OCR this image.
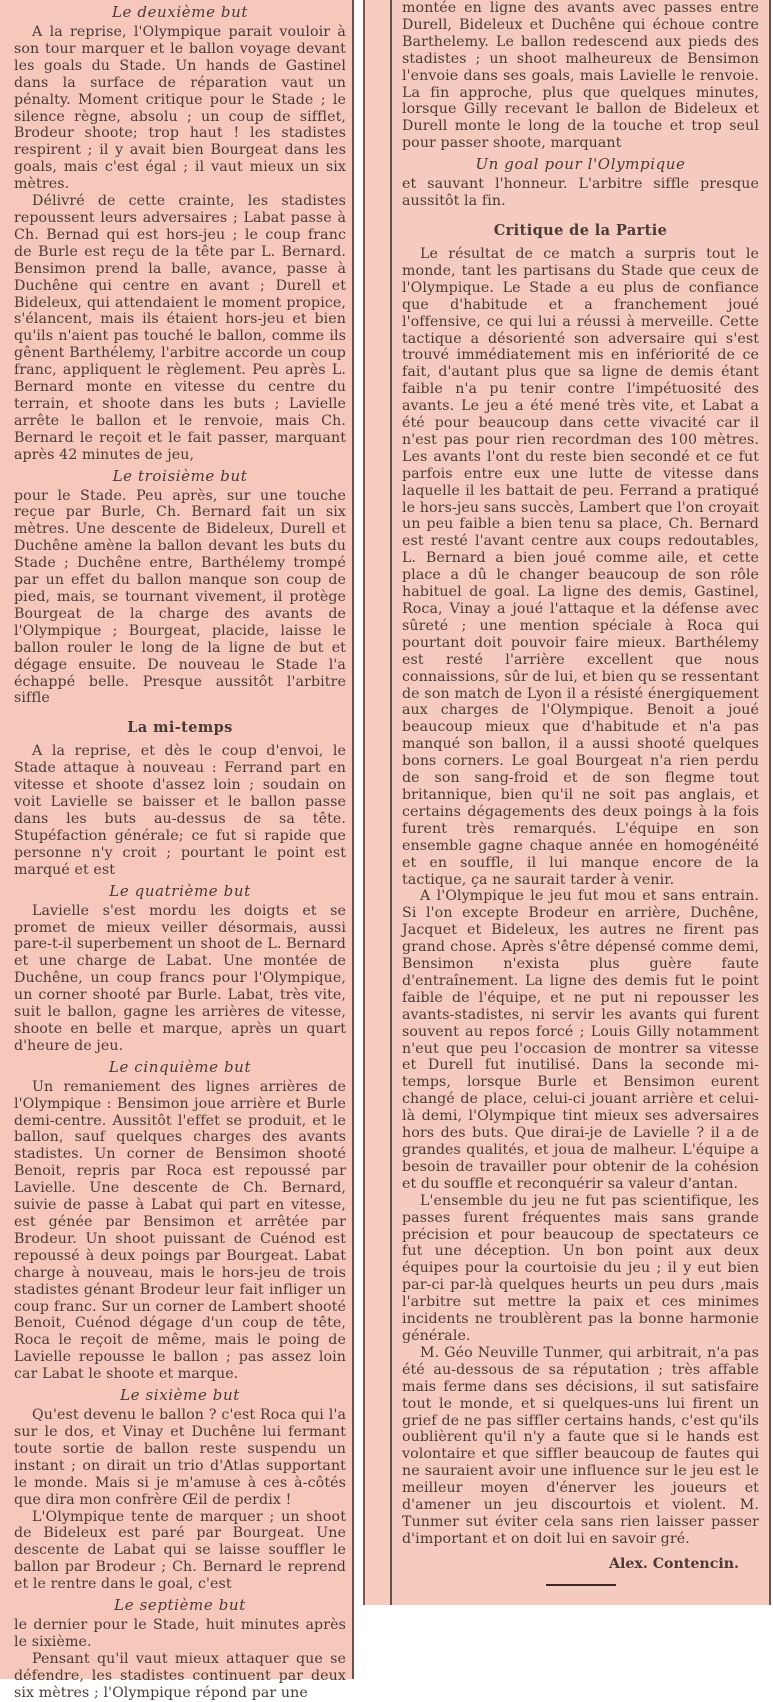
Le deuxième but

A la reprise, l'Olympique parait vouloir à son tour marquer et le ballon voyage devant les goals du Stade. Un hands de Gastinel dans la surface de réparation vaut un pénalty. Moment critique pour le Stade ; le silence règne, absolu ; un coup de sifflet, Brodeur shoote; trop haut ! les stadistes respirent ; il y avait bien Bourgeat dans les goals, mais c'est égal ; il vaut mieux un six mètres.

Délivré de cette crainte, les stadistes repoussent leurs adversaires ; Labat passe à Ch. Bernad qui est hors-jeu ; le coup franc de Burle est reçu de la tête par L. Bernard. Bensimon prend la balle, avance, passe à Duchêne qui centre en avant ; Durell et Bideleux, qui attendaient le moment propice, s'élancent, mais ils étaient hors-jeu et bien qu'ils n'aient pas touché le ballon, comme ils gênent Barthélemy, l'arbitre accorde un coup franc, appliquent le règlement. Peu après L. Bernard monte en vitesse du centre du terrain, et shoote dans les buts ; Lavielle arrête le ballon et le renvoie, mais Ch. Bernard le reçoit et le fait passer, marquant après 42 minutes de jeu,

Le troisième but

pour le Stade. Peu après, sur une touche reçue par Burle, Ch. Bernard fait un six mètres. Une descente de Bideleux, Durell et Duchêne amène la ballon devant les buts du Stade ; Duchêne entre, Barthélemy trompé par un effet du ballon manque son coup de pied, mais, se tournant vivement, il protège Bourgeat de la charge des avants de l'Olympique ; Bourgeat, placide, laisse le ballon rouler le long de la ligne de but et dégage ensuite. De nouveau le Stade l'a échappé belle. Presque aussitôt l'arbitre siffle

La mi-temps

A la reprise, et dès le coup d'envoi, le Stade attaque à nouveau : Ferrand part en vitesse et shoote d'assez loin ; soudain on voit Lavielle se baisser et le ballon passe dans les buts au-dessus de sa tête. Stupéfaction générale; ce fut si rapide que personne n'y croit ; pourtant le point est marqué et est

Le quatrième but

Lavielle s'est mordu les doigts et se promet de mieux veiller désormais, aussi pare-t-il superbement un shoot de L. Bernard et une charge de Labat. Une montée de Duchêne, un coup francs pour l'Olympique, un corner shooté par Burle. Labat, très vite, suit le ballon, gagne les arrières de vitesse, shoote en belle et marque, après un quart d'heure de jeu.

Le cinquième but

Un remaniement des lignes arrières de l'Olympique : Bensimon joue arrière et Burle demi-centre. Aussitôt l'effet se produit, et le ballon, sauf quelques charges des avants stadistes. Un corner de Bensimon shooté Benoit, repris par Roca est repoussé par Lavielle. Une descente de Ch. Bernard, suivie de passe à Labat qui part en vitesse, est génée par Bensimon et arrêtée par Brodeur. Un shoot puissant de Cuénod est repoussé à deux poings par Bourgeat. Labat charge à nouveau, mais le hors-jeu de trois stadistes génant Brodeur leur fait infliger un coup franc. Sur un corner de Lambert shooté Benoit, Cuénod dégage d'un coup de tête, Roca le reçoit de même, mais le poing de Lavielle repousse le ballon ; pas assez loin car Labat le shoote et marque.

Le sixième but

Qu'est devenu le ballon ? c'est Roca qui l'a sur le dos, et Vinay et Duchêne lui fermant toute sortie de ballon reste suspendu un instant ; on dirait un trio d'Atlas supportant le monde. Mais si je m'amuse à ces à-côtés que dira mon confrère Œil de perdix !

L'Olympique tente de marquer ; un shoot de Bideleux est paré par Bourgeat. Une descente de Labat qui se laisse souffler le ballon par Brodeur ; Ch. Bernard le reprend et le rentre dans le goal, c'est

Le septième but

le dernier pour le Stade, huit minutes après le sixième.

Pensant qu'il vaut mieux attaquer que se défendre, les stadistes continuent par deux six mètres ; l'Olympique répond par une

montée en ligne des avants avec passes entre Durell, Bideleux et Duchêne qui échoue contre Barthelemy. Le ballon redescend aux pieds des stadistes ; un shoot malheureux de Bensimon l'envoie dans ses goals, mais Lavielle le renvoie. La fin approche, plus que quelques minutes, lorsque Gilly recevant le ballon de Bideleux et Durell monte le long de la touche et trop seul pour passer shoote, marquant

Un goal pour l'Olympique

et sauvant l'honneur. L'arbitre siffle presque aussitôt la fin.

Critique de la Partie

Le résultat de ce match a surpris tout le monde, tant les partisans du Stade que ceux de l'Olympique. Le Stade a eu plus de confiance que d'habitude et a franchement joué l'offensive, ce qui lui a réussi à merveille. Cette tactique a désorienté son adversaire qui s'est trouvé immédiatement mis en infériorité de ce fait, d'autant plus que sa ligne de demis étant faible n'a pu tenir contre l'impétuosité des avants. Le jeu a été mené très vite, et Labat a été pour beaucoup dans cette vivacité car il n'est pas pour rien recordman des 100 mètres. Les avants l'ont du reste bien secondé et ce fut parfois entre eux une lutte de vitesse dans laquelle il les battait de peu. Ferrand a pratiqué le hors-jeu sans succès, Lambert que l'on croyait un peu faible a bien tenu sa place, Ch. Bernard est resté l'avant centre aux coups redoutables, L. Bernard a bien joué comme aile, et cette place a dû le changer beaucoup de son rôle habituel de goal. La ligne des demis, Gastinel, Roca, Vinay a joué l'attaque et la défense avec sûreté ; une mention spéciale à Roca qui pourtant doit pouvoir faire mieux. Barthélemy est resté l'arrière excellent que nous connaissions, sûr de lui, et bien qu se ressentant de son match de Lyon il a résisté énergiquement aux charges de l'Olympique. Benoit a joué beaucoup mieux que d'habitude et n'a pas manqué son ballon, il a aussi shooté quelques bons corners. Le goal Bourgeat n'a rien perdu de son sang-froid et de son flegme tout britannique, bien qu'il ne soit pas anglais, et certains dégagements des deux poings à la fois furent très remarqués. L'équipe en son ensemble gagne chaque année en homogénéité et en souffle, il lui manque encore de la tactique, ça ne saurait tarder à venir.

A l'Olympique le jeu fut mou et sans entrain. Si l'on excepte Brodeur en arrière, Duchêne, Jacquet et Bideleux, les autres ne firent pas grand chose. Après s'être dépensé comme demi, Bensimon n'exista plus guère faute d'entraînement. La ligne des demis fut le point faible de l'équipe, et ne put ni repousser les avants-stadistes, ni servir les avants qui furent souvent au repos forcé ; Louis Gilly notamment n'eut que peu l'occasion de montrer sa vitesse et Durell fut inutilisé. Dans la seconde mi-temps, lorsque Burle et Bensimon eurent changé de place, celui-ci jouant arrière et celui-là demi, l'Olympique tint mieux ses adversaires hors des buts. Que dirai-je de Lavielle ? il a de grandes qualités, et joua de malheur. L'équipe a besoin de travailler pour obtenir de la cohésion et du souffle et reconquérir sa valeur d'antan.

L'ensemble du jeu ne fut pas scientifique, les passes furent fréquentes mais sans grande précision et pour beaucoup de spectateurs ce fut une déception. Un bon point aux deux équipes pour la courtoisie du jeu ; il y eut bien par-ci par-là quelques heurts un peu durs ,mais l'arbitre sut mettre la paix et ces minimes incidents ne troublèrent pas la bonne harmonie générale.

M. Géo Neuville Tunmer, qui arbitrait, n'a pas été au-dessous de sa réputation ; très affable mais ferme dans ses décisions, il sut satisfaire tout le monde, et si quelques-uns lui firent un grief de ne pas siffler certains hands, c'est qu'ils oublièrent qu'il n'y a faute que si le hands est volontaire et que siffler beaucoup de fautes qui ne sauraient avoir une influence sur le jeu est le meilleur moyen d'énerver les joueurs et d'amener un jeu discourtois et violent. M. Tunmer sut éviter cela sans rien laisser passer d'important et on doit lui en savoir gré.

Alex. Contencin.
